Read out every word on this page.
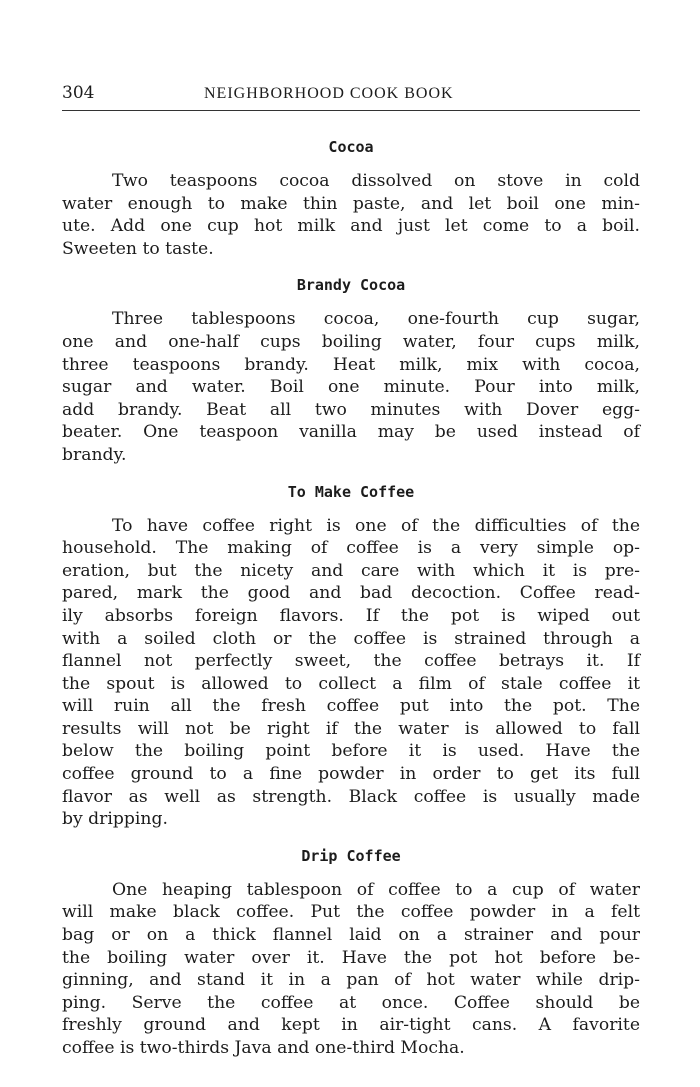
304	NEIGHBORHOOD COOK BOOK
Cocoa
Two teaspoons cocoa dissolved on stove in cold
water enough to make thin paste, and let boil one min-
ute. Add one cup hot milk and just let come to a boil.
Sweeten to taste.
Brandy Cocoa
Three tablespoons cocoa, one-fourth cup sugar,
one and one-half cups boiling water, four cups milk,
three teaspoons brandy. Heat milk, mix with cocoa,
sugar and water. Boil one minute. Pour into milk,
add brandy. Beat all two minutes with Dover egg-
beater. One teaspoon vanilla may be used instead of
brandy.
To Make Coffee
To have coffee right is one of the difficulties of the
household. The making of coffee is a very simple op-
eration, but the nicety and care with which it is pre-
pared, mark the good and bad decoction. Coffee read-
ily absorbs foreign flavors. If the pot is wiped out
with a soiled cloth or the coffee is strained through a
flannel not perfectly sweet, the coffee betrays it. If
the spout is allowed to collect a film of stale coffee it
will ruin all the fresh coffee put into the pot. The
results will not be right if the water is allowed to fall
below the boiling point before it is used. Have the
coffee ground to a fine powder in order to get its full
flavor as well as strength. Black coffee is usually made
by dripping.
Drip Coffee
One heaping tablespoon of coffee to a cup of water
will make black coffee. Put the coffee powder in a felt
bag or on a thick flannel laid on a strainer and pour
the boiling water over it. Have the pot hot before be-
ginning, and stand it in a pan of hot water while drip-
ping. Serve the coffee at once. Coffee should be
freshly ground and kept in air-tight cans. A favorite
coffee is two-thirds Java and one-third Mocha.
